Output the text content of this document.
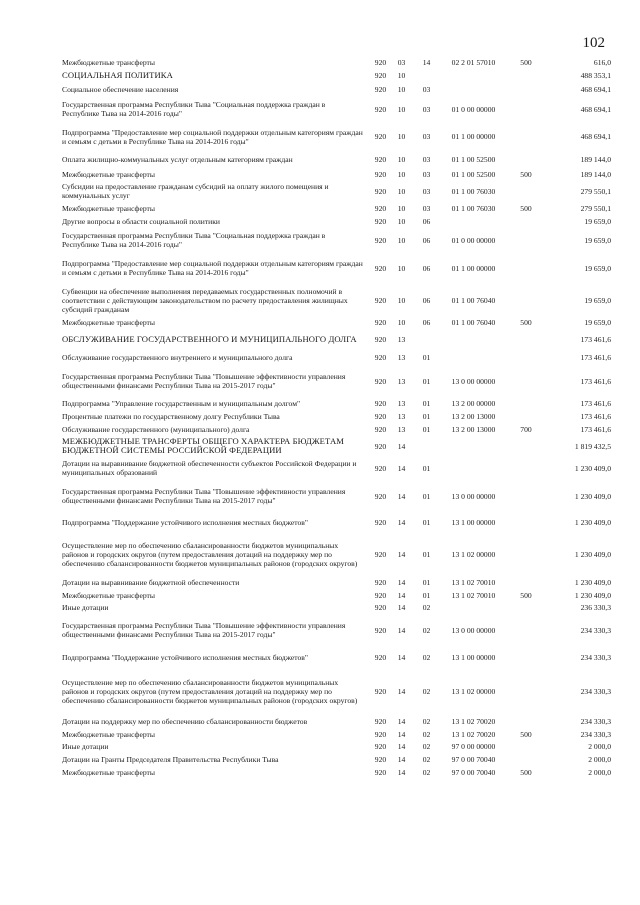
102
Межбюджетные трансферты	920	03	14	02 2 01 57010	500	616,0
СОЦИАЛЬНАЯ ПОЛИТИКА	920	10				488 353,1
Социальное обеспечение населения	920	10	03			468 694,1
Государственная программа Республики Тыва "Социальная поддержка граждан в Республике Тыва на 2014-2016 годы"	920	10	03	01 0 00 00000		468 694,1
Подпрограмма "Предоставление мер социальной поддержки отдельным категориям граждан и семьям с детьми в Республике Тыва на 2014-2016 годы"	920	10	03	01 1 00 00000		468 694,1
Оплата жилищно-коммунальных услуг отдельным категориям граждан	920	10	03	01 1 00 52500		189 144,0
Межбюджетные трансферты	920	10	03	01 1 00 52500	500	189 144,0
Субсидии на предоставление гражданам субсидий на оплату жилого помещения и коммунальных услуг	920	10	03	01 1 00 76030		279 550,1
Межбюджетные трансферты	920	10	03	01 1 00 76030	500	279 550,1
Другие вопросы в области социальной политики	920	10	06			19 659,0
Государственная программа Республики Тыва "Социальная поддержка граждан в Республике Тыва на 2014-2016 годы"	920	10	06	01 0 00 00000		19 659,0
Подпрограмма "Предоставление мер социальной поддержки отдельным категориям граждан и семьям с детьми в Республике Тыва на 2014-2016 годы"	920	10	06	01 1 00 00000		19 659,0
Субвенции на обеспечение выполнения передаваемых государственных полномочий в соответствии с действующим законодательством по расчету предоставления жилищных субсидий гражданам	920	10	06	01 1 00 76040		19 659,0
Межбюджетные трансферты	920	10	06	01 1 00 76040	500	19 659,0
ОБСЛУЖИВАНИЕ ГОСУДАРСТВЕННОГО И МУНИЦИПАЛЬНОГО ДОЛГА	920	13				173 461,6
Обслуживание государственного внутреннего и муниципального долга	920	13	01			173 461,6
Государственная программа Республики Тыва "Повышение эффективности управления общественными финансами Республики Тыва на 2015-2017 годы"	920	13	01	13 0 00 00000		173 461,6
Подпрограмма "Управление государственным и муниципальным долгом"	920	13	01	13 2 00 00000		173 461,6
Процентные платежи по государственному долгу Республики Тыва	920	13	01	13 2 00 13000		173 461,6
Обслуживание государственного (муниципального) долга	920	13	01	13 2 00 13000	700	173 461,6
МЕЖБЮДЖЕТНЫЕ ТРАНСФЕРТЫ ОБЩЕГО ХАРАКТЕРА БЮДЖЕТАМ БЮДЖЕТНОЙ СИСТЕМЫ РОССИЙСКОЙ ФЕДЕРАЦИИ	920	14				1 819 432,5
Дотации на выравнивание бюджетной обеспеченности субъектов Российской Федерации и муниципальных образований	920	14	01			1 230 409,0
Государственная программа Республики Тыва "Повышение эффективности управления общественными финансами Республики Тыва на 2015-2017 годы"	920	14	01	13 0 00 00000		1 230 409,0
Подпрограмма "Поддержание устойчивого исполнения местных бюджетов"	920	14	01	13 1 00 00000		1 230 409,0
Осуществление мер по обеспечению сбалансированности бюджетов муниципальных районов и городских округов (путем предоставления дотаций на поддержку мер по обеспечению сбалансированности бюджетов муниципальных районов (городских округов)	920	14	01	13 1 02 00000		1 230 409,0
Дотации на выравнивание бюджетной обеспеченности	920	14	01	13 1 02 70010		1 230 409,0
Межбюджетные трансферты	920	14	01	13 1 02 70010	500	1 230 409,0
Иные дотации	920	14	02			236 330,3
Государственная программа Республики Тыва "Повышение эффективности управления общественными финансами Республики Тыва на 2015-2017 годы"	920	14	02	13 0 00 00000		234 330,3
Подпрограмма "Поддержание устойчивого исполнения местных бюджетов"	920	14	02	13 1 00 00000		234 330,3
Осуществление мер по обеспечению сбалансированности бюджетов муниципальных районов и городских округов (путем предоставления дотаций на поддержку мер по обеспечению сбалансированности бюджетов муниципальных районов (городских округов)	920	14	02	13 1 02 00000		234 330,3
Дотации на поддержку мер по обеспечению сбалансированности бюджетов	920	14	02	13 1 02 70020		234 330,3
Межбюджетные трансферты	920	14	02	13 1 02 70020	500	234 330,3
Иные дотации	920	14	02	97 0 00 00000		2 000,0
Дотации на Гранты Председателя Правительства Республики Тыва	920	14	02	97 0 00 70040		2 000,0
Межбюджетные трансферты	920	14	02	97 0 00 70040	500	2 000,0
